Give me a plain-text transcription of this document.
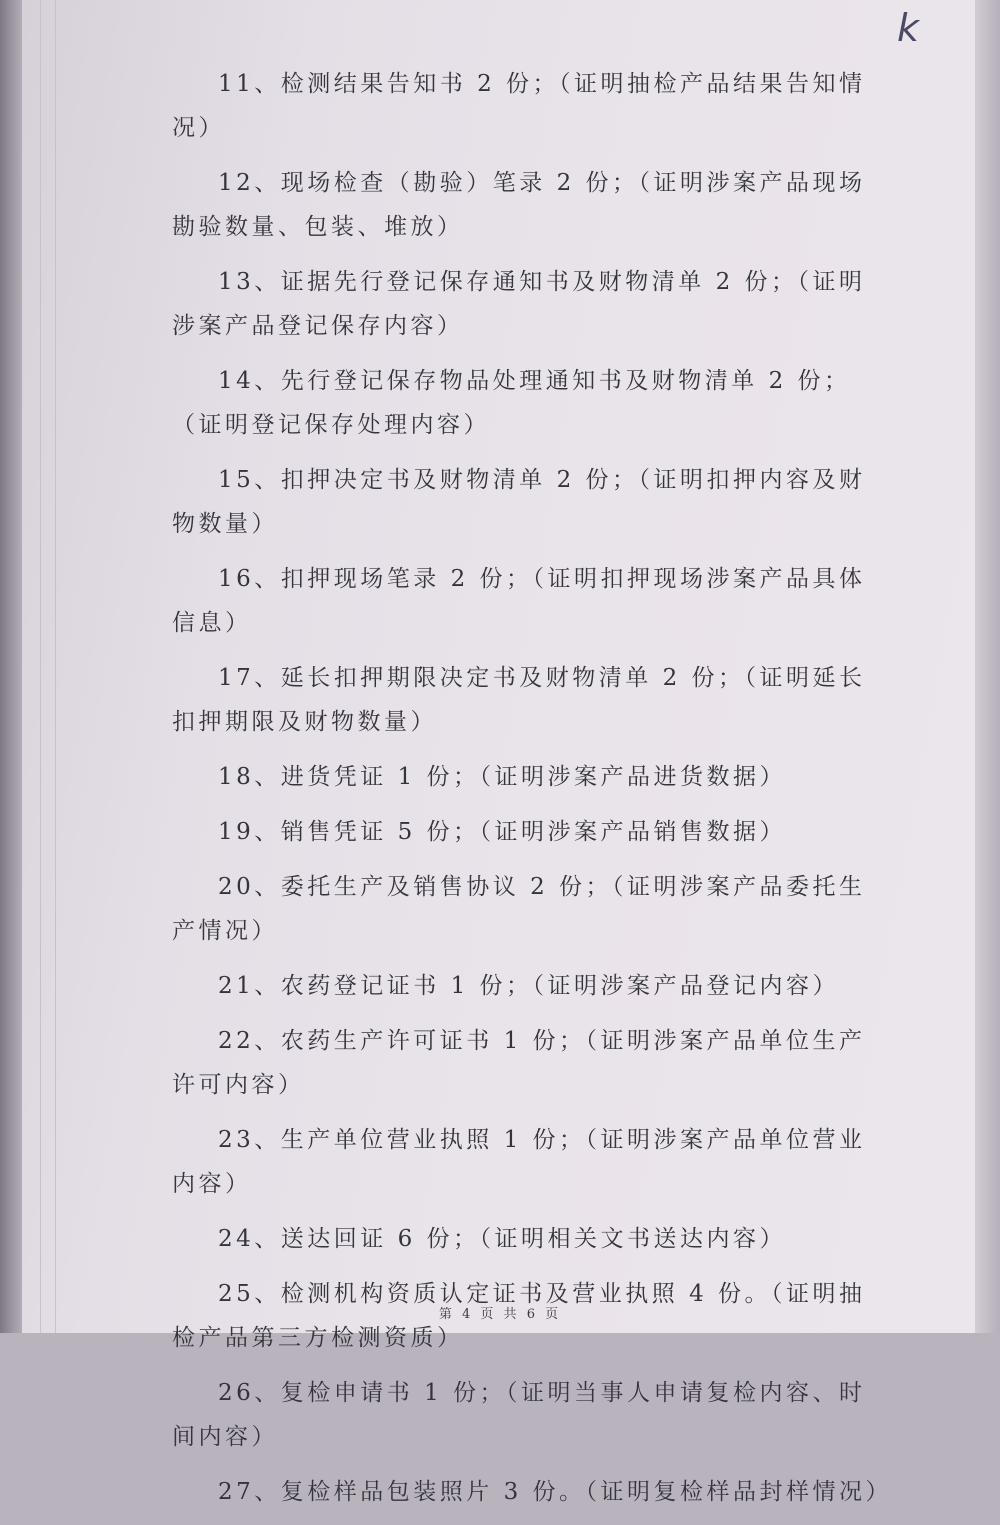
k
11、检测结果告知书 2 份；（证明抽检产品结果告知情况）
12、现场检查（勘验）笔录 2 份；（证明涉案产品现场勘验数量、包装、堆放）
13、证据先行登记保存通知书及财物清单 2 份；（证明涉案产品登记保存内容）
14、先行登记保存物品处理通知书及财物清单 2 份；（证明登记保存处理内容）
15、扣押决定书及财物清单 2 份；（证明扣押内容及财物数量）
16、扣押现场笔录 2 份；（证明扣押现场涉案产品具体信息）
17、延长扣押期限决定书及财物清单 2 份；（证明延长扣押期限及财物数量）
18、进货凭证 1 份；（证明涉案产品进货数据）
19、销售凭证 5 份；（证明涉案产品销售数据）
20、委托生产及销售协议 2 份；（证明涉案产品委托生产情况）
21、农药登记证书 1 份；（证明涉案产品登记内容）
22、农药生产许可证书 1 份；（证明涉案产品单位生产许可内容）
23、生产单位营业执照 1 份；（证明涉案产品单位营业内容）
24、送达回证 6 份；（证明相关文书送达内容）
25、检测机构资质认定证书及营业执照 4 份。（证明抽检产品第三方检测资质）
26、复检申请书 1 份；（证明当事人申请复检内容、时间内容）
27、复检样品包装照片 3 份。（证明复检样品封样情况）
第 4 页 共 6 页
